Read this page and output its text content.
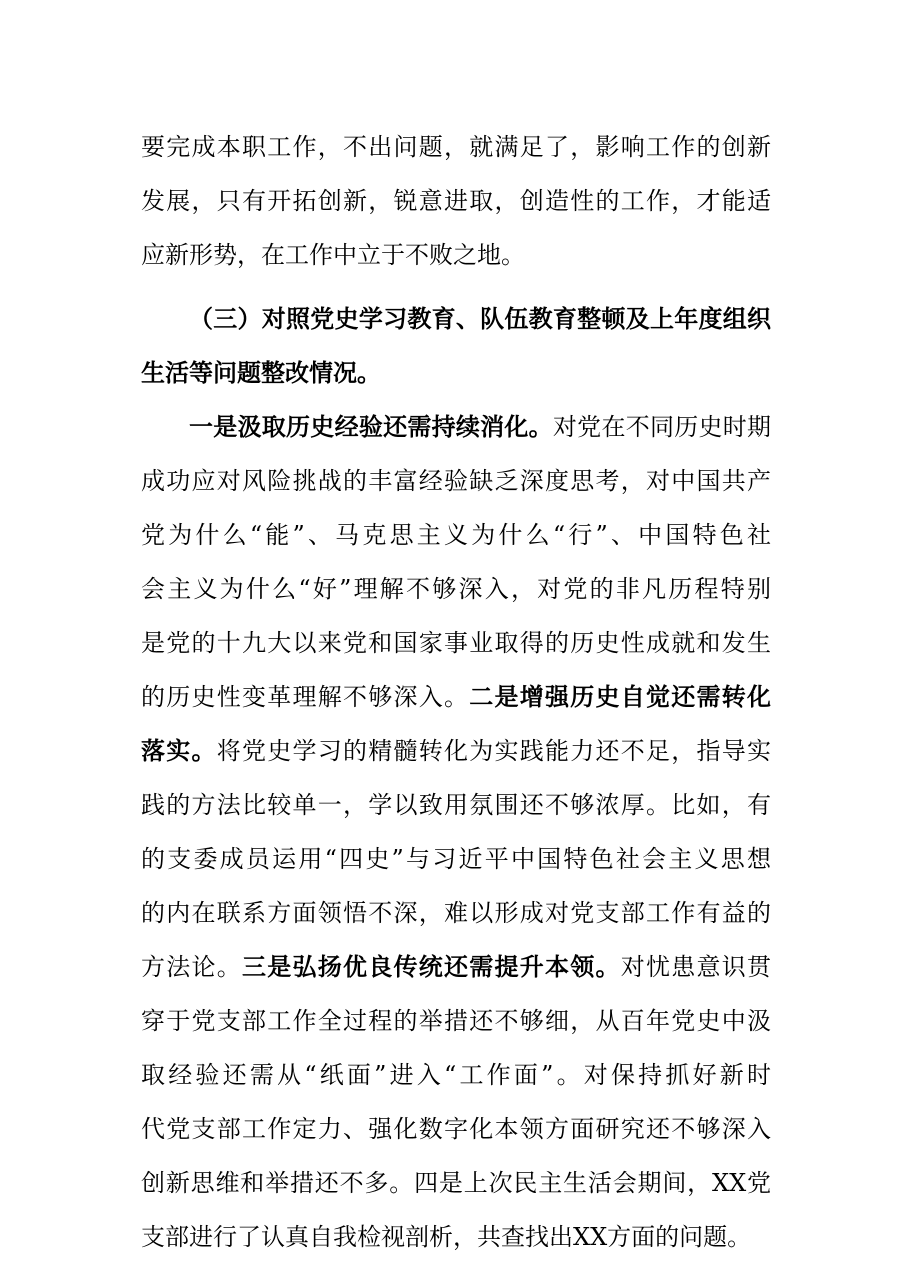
要完成本职工作，不出问题，就满足了，影响工作的创新
发展，只有开拓创新，锐意进取，创造性的工作，才能适
应新形势，在工作中立于不败之地。
（三）对照党史学习教育、队伍教育整顿及上年度组织
生活等问题整改情况。
一是汲取历史经验还需持续消化。对党在不同历史时期
成功应对风险挑战的丰富经验缺乏深度思考，对中国共产
党为什么“能”、马克思主义为什么“行”、中国特色社
会主义为什么“好”理解不够深入，对党的非凡历程特别
是党的十九大以来党和国家事业取得的历史性成就和发生
的历史性变革理解不够深入。二是增强历史自觉还需转化
落实。将党史学习的精髓转化为实践能力还不足，指导实
践的方法比较单一，学以致用氛围还不够浓厚。比如，有
的支委成员运用“四史”与习近平中国特色社会主义思想
的内在联系方面领悟不深，难以形成对党支部工作有益的
方法论。三是弘扬优良传统还需提升本领。对忧患意识贯
穿于党支部工作全过程的举措还不够细，从百年党史中汲
取经验还需从“纸面”进入“工作面”。对保持抓好新时
代党支部工作定力、强化数字化本领方面研究还不够深入
创新思维和举措还不多。四是上次民主生活会期间，XX党
支部进行了认真自我检视剖析，共查找出XX方面的问题。
